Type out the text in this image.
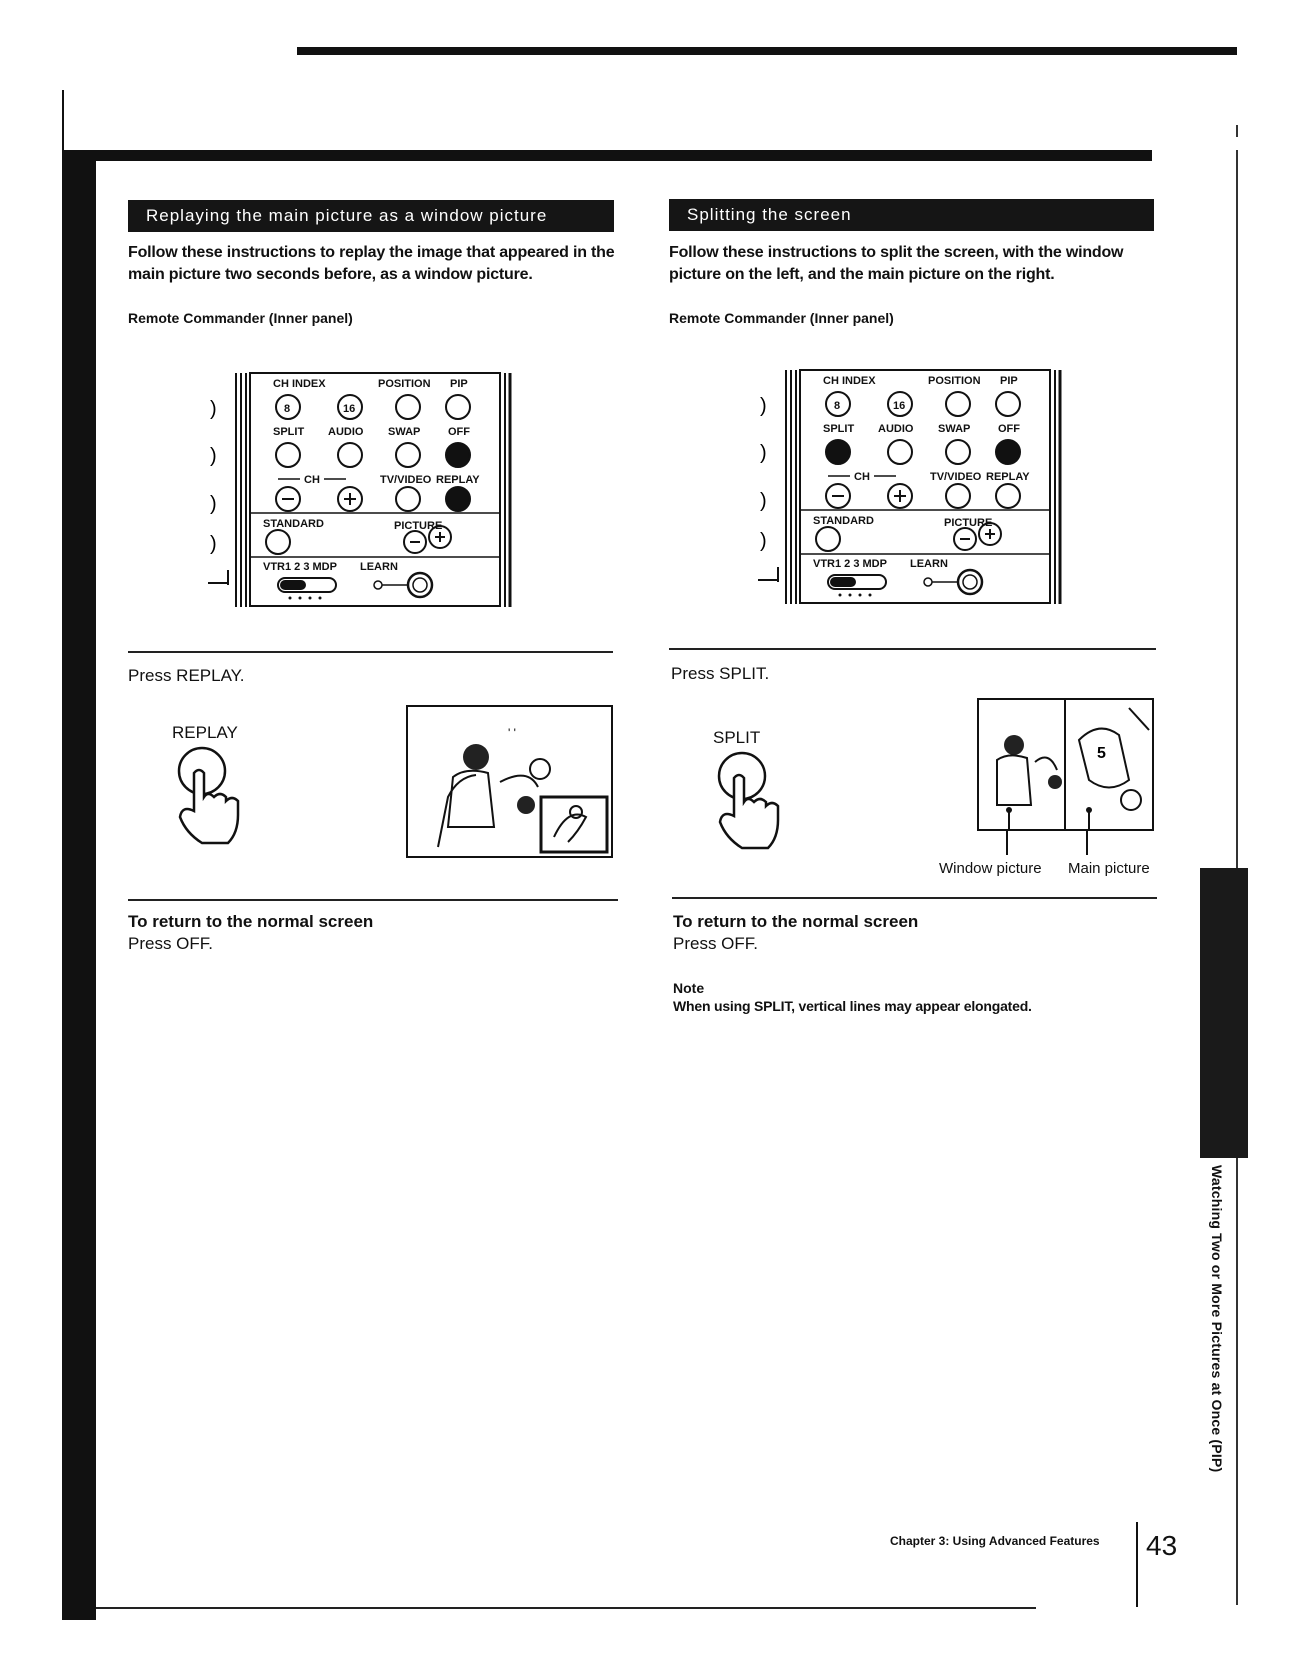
Replaying the main picture as a window picture
Follow these instructions to replay the image that appeared in the main picture two seconds before, as a window picture.
Remote Commander (Inner panel)
)
)
)
)
CH INDEX	POSITION PIP
8	16
SPLIT AUDIO SWAP	OFF
CH	TV/VIDEO REPLAY
STANDARD	PICTURE
VTR1 2 3 MDP LEARN
Press REPLAY.
REPLAY	' '
To return to the normal screen
Press OFF.
Splitting the screen
Follow these instructions to split the screen, with the window picture on the left, and the main picture on the right.
Remote Commander (Inner panel)
)
)
)
)
CH INDEX	POSITION PIP
8	16
SPLIT AUDIO SWAP	OFF
CH	TV/VIDEO REPLAY
STANDARD	PICTURE
VTR1 2 3 MDP LEARN
Press SPLIT.
SPLIT
5
Window picture Main picture
To return to the normal screen
Press OFF.
Note
When using SPLIT, vertical lines may appear elongated.
Watching Two or More Pictures at Once (PIP)
Chapter 3: Using Advanced Features 43
